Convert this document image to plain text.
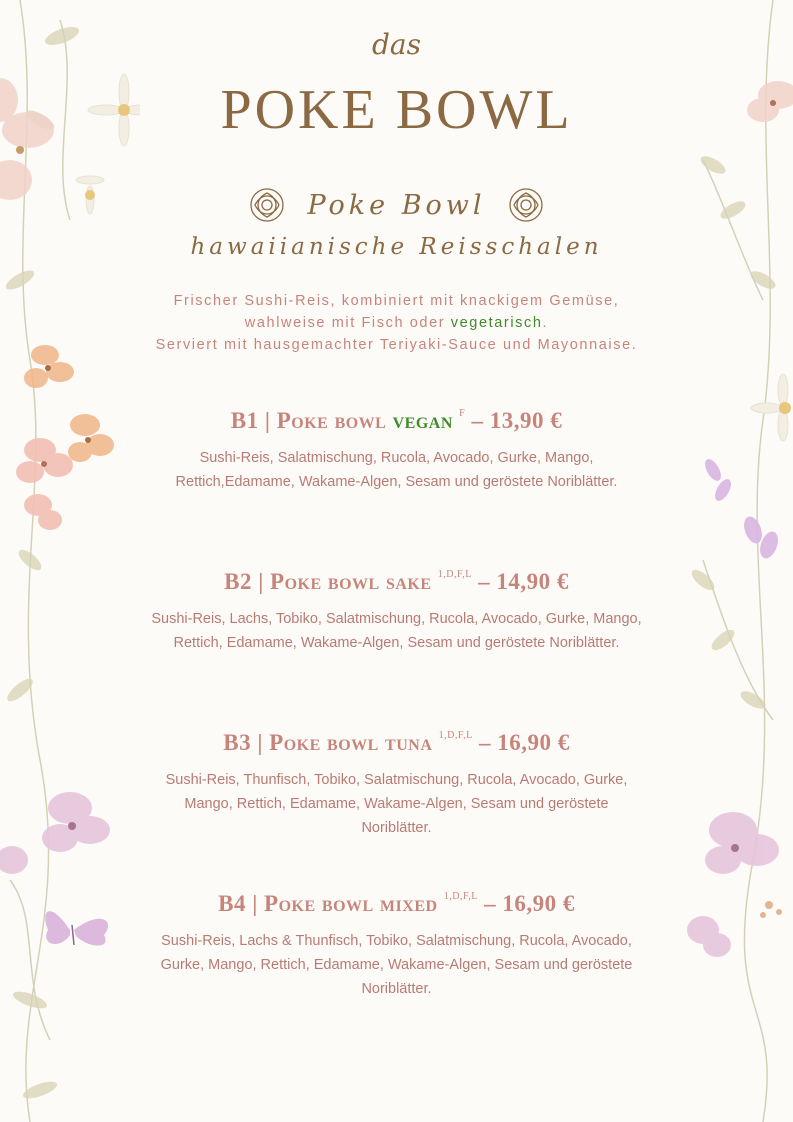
das
POKE BOWL
Poke Bowl
hawaiianische Reisschalen
Frischer Sushi-Reis, kombiniert mit knackigem Gemüse,
wahlweise mit Fisch oder vegetarisch.
Serviert mit hausgemachter Teriyaki-Sauce und Mayonnaise.
B1 | Poke bowl vegan $^F$ – 13,90 €
Sushi-Reis, Salatmischung, Rucola, Avocado, Gurke, Mango, Rettich,Edamame, Wakame-Algen, Sesam und geröstete Noriblätter.
B2 | Poke bowl sake $^{1,D,F,L}$ – 14,90 €
Sushi-Reis, Lachs, Tobiko, Salatmischung, Rucola, Avocado, Gurke, Mango, Rettich, Edamame, Wakame-Algen, Sesam und geröstete Noriblätter.
B3 | Poke bowl tuna $^{1,D,F,L}$ – 16,90 €
Sushi-Reis, Thunfisch, Tobiko, Salatmischung, Rucola, Avocado, Gurke, Mango, Rettich, Edamame, Wakame-Algen, Sesam und geröstete Noriblätter.
B4 | Poke bowl mixed $^{1,D,F,L}$ – 16,90 €
Sushi-Reis, Lachs & Thunfisch, Tobiko, Salatmischung, Rucola, Avocado, Gurke, Mango, Rettich, Edamame, Wakame-Algen, Sesam und geröstete Noriblätter.
